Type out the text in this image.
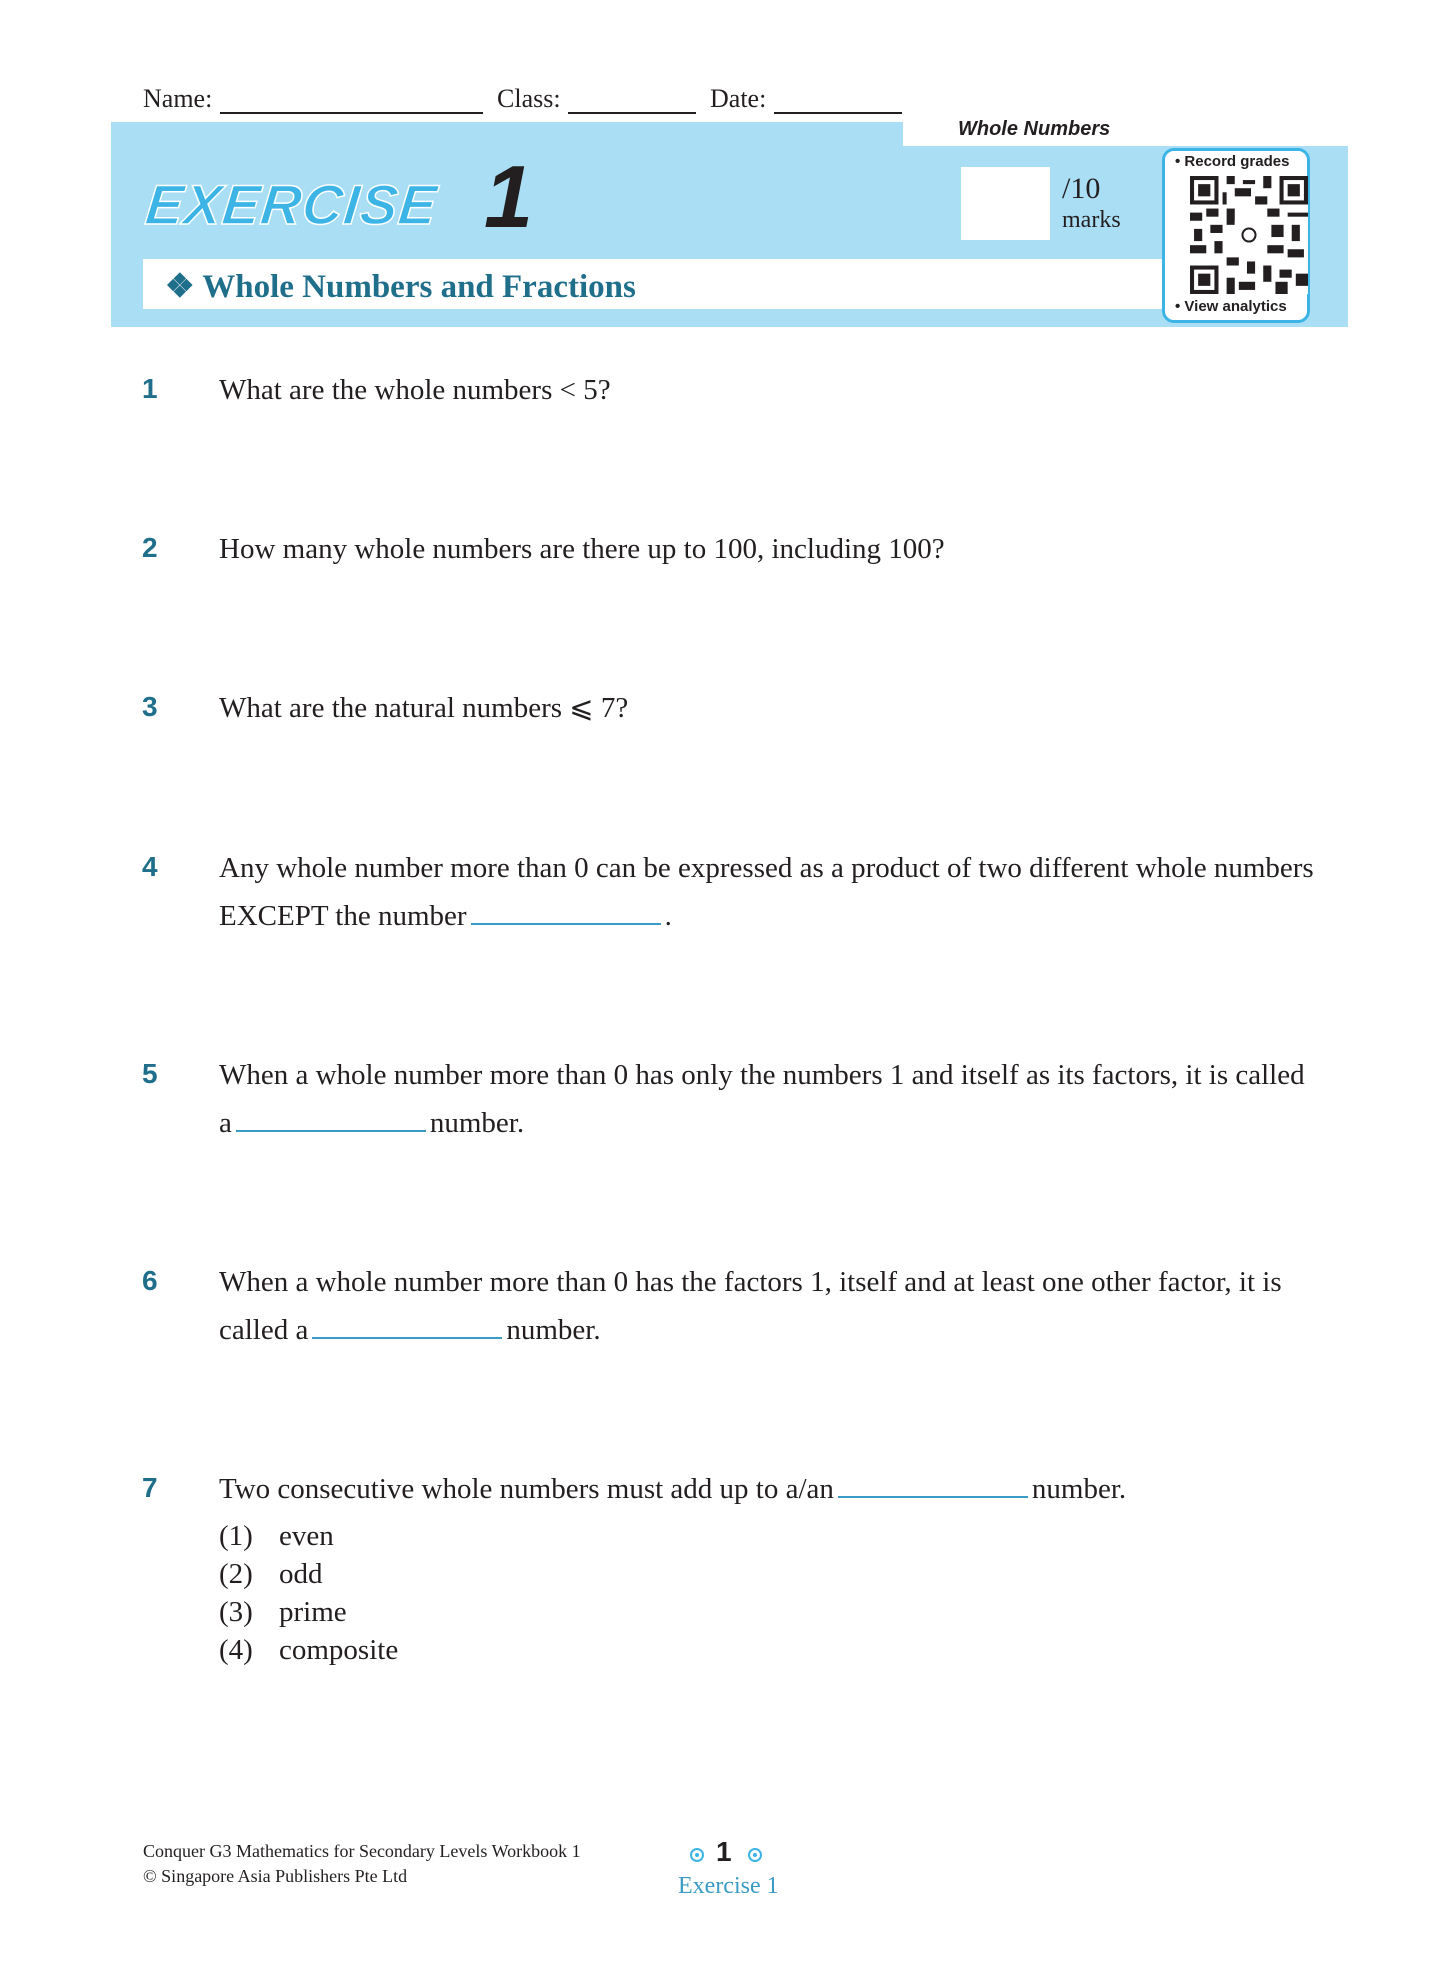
Name:	Class:	Date:
Whole Numbers
EXERCISE 1
❖ Whole Numbers and Fractions
/10
marks
• Record grades
• View analytics
1 What are the whole numbers < 5?
2 How many whole numbers are there up to 100, including 100?
3 What are the natural numbers ⩽ 7?
4 Any whole number more than 0 can be expressed as a product of two different whole numbers EXCEPT the number	.
5 When a whole number more than 0 has only the numbers 1 and itself as its factors, it is called a	number.
6 When a whole number more than 0 has the factors 1, itself and at least one other factor, it is called a	number.
7 Two consecutive whole numbers must add up to a/an	number.
(1) even
(2) odd
(3) prime
(4) composite
Conquer G3 Mathematics for Secondary Levels Workbook 1
© Singapore Asia Publishers Pte Ltd
1
Exercise 1
